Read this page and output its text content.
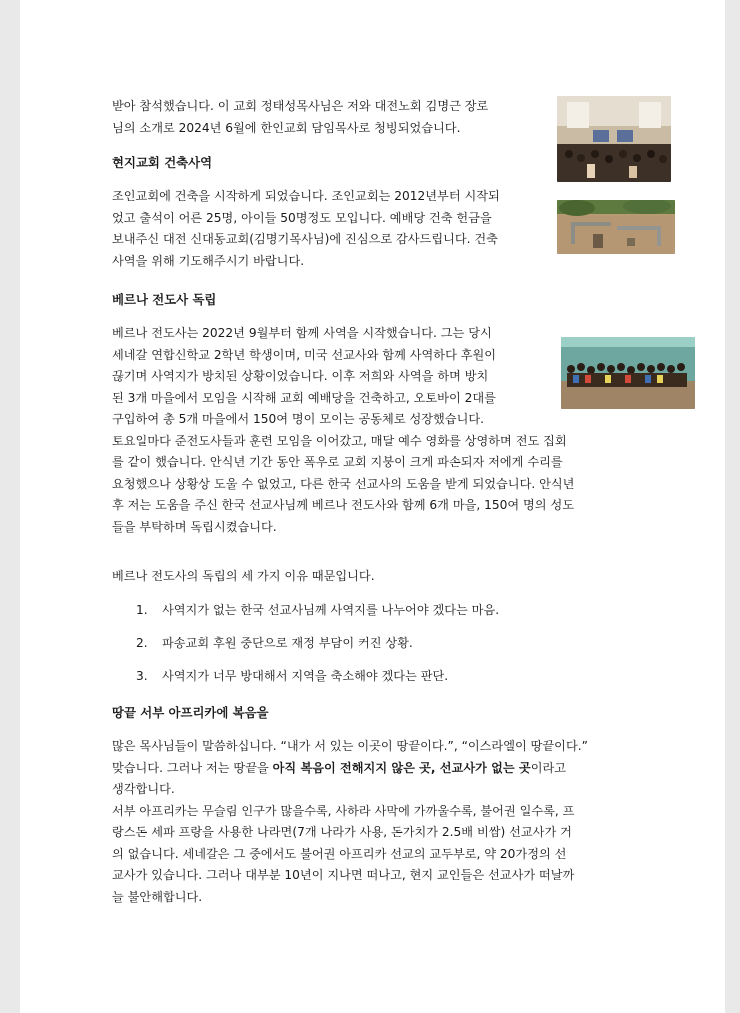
받아 참석했습니다. 이 교회 정태성목사님은 저와 대전노회 김명근 장로
님의 소개로 2024년 6월에 한인교회 담임목사로 청빙되었습니다.

현지교회 건축사역

조인교회에 건축을 시작하게 되었습니다. 조인교회는 2012년부터 시작되
었고 출석이 어른 25명, 아이들 50명정도 모입니다. 예배당 건축 헌금을
보내주신 대전 신대동교회(김명기목사님)에 진심으로 감사드립니다. 건축
사역을 위해 기도해주시기 바랍니다.

베르나 전도사 독립

베르나 전도사는 2022년 9월부터 함께 사역을 시작했습니다. 그는 당시
세네갈 연합신학교 2학년 학생이며, 미국 선교사와 함께 사역하다 후원이
끊기며 사역지가 방치된 상황이었습니다. 이후 저희와 사역을 하며 방치
된 3개 마을에서 모임을 시작해 교회 예배당을 건축하고, 오토바이 2대를
구입하여 총 5개 마을에서 150여 명이 모이는 공동체로 성장했습니다.
토요일마다 준전도사들과 훈련 모임을 이어갔고, 매달 예수 영화를 상영하며 전도 집회
를 같이 했습니다. 안식년 기간 동안 폭우로 교회 지붕이 크게 파손되자 저에게 수리를
요청했으나 상황상 도울 수 없었고, 다른 한국 선교사의 도움을 받게 되었습니다. 안식년
후 저는 도움을 주신 한국 선교사님께 베르나 전도사와 함께 6개 마을, 150여 명의 성도
들을 부탁하며 독립시켰습니다.

베르나 전도사의 독립의 세 가지 이유 때문입니다.
1. 사역지가 없는 한국 선교사님께 사역지를 나누어야 겠다는 마음.
2. 파송교회 후원 중단으로 재정 부담이 커진 상황.
3. 사역지가 너무 방대해서 지역을 축소해야 겠다는 판단.
땅끝 서부 아프리카에 복음을

많은 목사님들이 말씀하십니다. “내가 서 있는 이곳이 땅끝이다.”, “이스라엘이 땅끝이다.”
맞습니다. 그러나 저는 땅끝을 아직 복음이 전해지지 않은 곳, 선교사가 없는 곳이라고
생각합니다.
서부 아프리카는 무슬림 인구가 많을수록, 사하라 사막에 가까울수록, 불어권 일수록, 프
랑스돈 세파 프랑을 사용한 나라면(7개 나라가 사용, 돈가치가 2.5배 비쌈) 선교사가 거
의 없습니다. 세네갈은 그 중에서도 불어권 아프리카 선교의 교두부로, 약 20가정의 선
교사가 있습니다. 그러나 대부분 10년이 지나면 떠나고, 현지 교인들은 선교사가 떠날까
늘 불안해합니다.
